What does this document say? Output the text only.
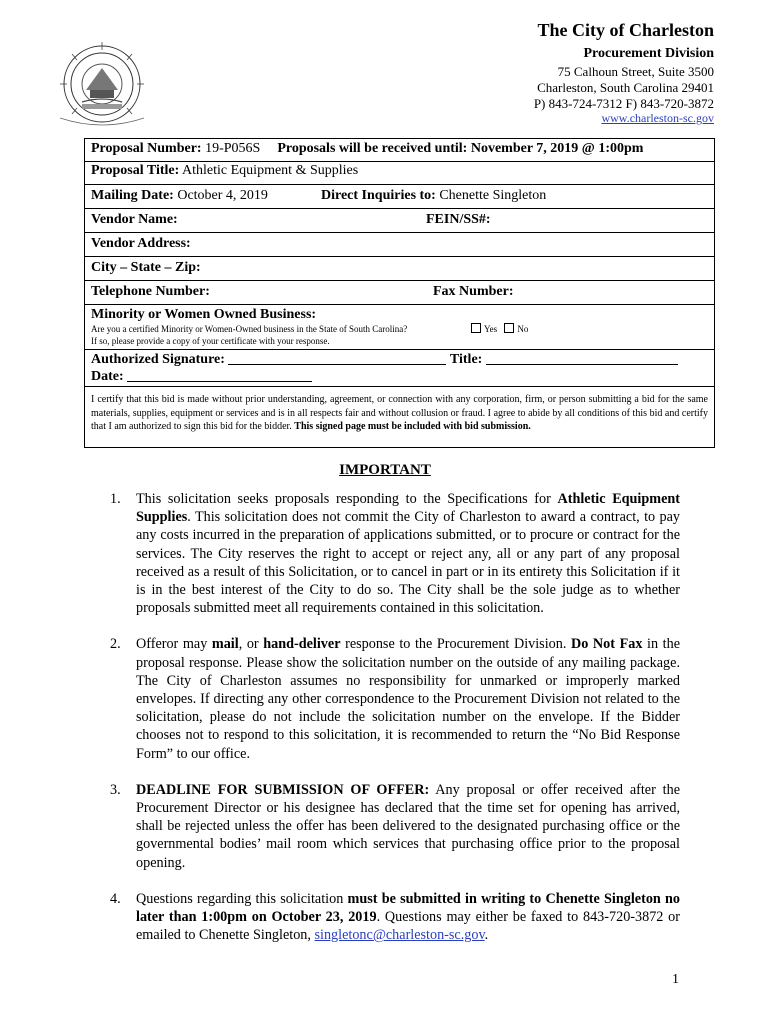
The City of Charleston
Procurement Division
75 Calhoun Street, Suite 3500
Charleston, South Carolina 29401
P) 843-724-7312 F) 843-720-3872
www.charleston-sc.gov
Proposal Number: 19-P056S Proposals will be received until: November 7, 2019 @ 1:00pm
Proposal Title: Athletic Equipment & Supplies
Mailing Date: October 4, 2019	Direct Inquiries to: Chenette Singleton
Vendor Name:	FEIN/SS#:
Vendor Address:
City – State – Zip:
Telephone Number:	Fax Number:
Minority or Women Owned Business:
Are you a certified Minority or Women-Owned business in the State of South Carolina?	Yes No
If so, please provide a copy of your certificate with your response.
Authorized Signature:	Title:
Date:
I certify that this bid is made without prior understanding, agreement, or connection with any corporation, firm, or person submitting a bid for the same materials, supplies, equipment or services and is in all respects fair and without collusion or fraud. I agree to abide by all conditions of this bid and certify that I am authorized to sign this bid for the bidder. This signed page must be included with bid submission.
IMPORTANT
1. This solicitation seeks proposals responding to the Specifications for Athletic Equipment Supplies. This solicitation does not commit the City of Charleston to award a contract, to pay any costs incurred in the preparation of applications submitted, or to procure or contract for the services. The City reserves the right to accept or reject any, all or any part of any proposal received as a result of this Solicitation, or to cancel in part or in its entirety this Solicitation if it is in the best interest of the City to do so. The City shall be the sole judge as to whether proposals submitted meet all requirements contained in this solicitation.
2. Offeror may mail, or hand-deliver response to the Procurement Division. Do Not Fax in the proposal response. Please show the solicitation number on the outside of any mailing package. The City of Charleston assumes no responsibility for unmarked or improperly marked envelopes. If directing any other correspondence to the Procurement Division not related to the solicitation, please do not include the solicitation number on the envelope. If the Bidder chooses not to respond to this solicitation, it is recommended to return the “No Bid Response Form” to our office.
3. DEADLINE FOR SUBMISSION OF OFFER: Any proposal or offer received after the Procurement Director or his designee has declared that the time set for opening has arrived, shall be rejected unless the offer has been delivered to the designated purchasing office or the governmental bodies’ mail room which services that purchasing office prior to the proposal opening.
4. Questions regarding this solicitation must be submitted in writing to Chenette Singleton no later than 1:00pm on October 23, 2019. Questions may either be faxed to 843-720-3872 or emailed to Chenette Singleton, singletonc@charleston-sc.gov.
1
